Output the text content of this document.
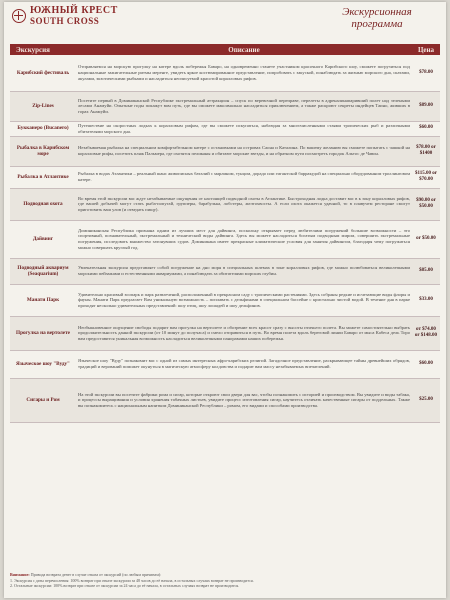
ЮЖНЫЙ КРЕСТ
SOUTH CROSS
Экскурсионная
программа
Экскурсия	Описание	Цена
Карибский фестиваль	Отправляемся на морскую прогулку на катере вдоль побережья Баваро, на одновременно станете участником красочного Карибского шоу, сможете погрузиться под национальные зажигательные ритмы меренге, увидеть яркое костюмированное представление, попробовать с закуской, понаблюдать за жизнью морского дна, скатами, акулами, экзотическими рыбками и насладиться неописуемой красотой коралловых рифов.	$78.00
Zip-Lines	Посетите первый в Доминиканской Республике экстремальный аттракцион – спуск по веревочной переправе, перелеты в адреналинапаривший полет над зелеными лесами Анамуйи. Опытные гиды покажут вам путь, где вы сможете максимально насладиться приключением, а также раскроют секреты индейцев Таино, живших в горах Анамуйи.	$89.00
Букканеро (Bucanero)	Путешествие на скоростных лодках к коралловым рифам, где вы сможете искупаться, наблюдая за многочисленными стаями тропических рыб и различными обитателями морского дна.	$60.00
Рыбалка в Карибском море	Незабываемая рыбалка на специальном комфортабельном катере с остановками на островах Саона и Каталина. По вашему желанию вы сможете попытать с чашкой на коралловые рифы, посетить пляж Пальмерa, где охотятся пеликаны и обитают морские звезды, и на обратном пути посмотреть городок Альтос де Чавон.	$78.00 or $1400
Рыбалка в Атлантике	Рыбалка в водах Атлантики – реальный шанс живописных баталий с марлином, тунцом, дорадо или гигантской барракудой на специально оборудованном троллинговом катере.	$115.00 or $70.00
Подводная охота	Во время этой экскурсии вас ждут незабываемые ощущения от настоящей подводной охоты в Атлантике. Быстроходная лодка доставит вас в к зону коралловых рифов, где вашей добычей могут стать рыба-попугай, групперы, барабулька, лобстеры, желтохвосты. А если охота окажется удачной, то в плавучем ресторане смогут приготовить ваш улов (и отведать пищу).	$90.00 or $50.00
Дайвинг	Доминиканская Республика признана одним из лучших мест для дайвинга, поскольку открывает перед любителями погружений большие возможности – это спортивный, познавательный, экстремальный и технический виды дайвинга. Здесь вы можете насладиться богатым подводным миром, совершить экстремальные погружения, исследовать множество затонувших судов. Доминикана имеет прекрасные климатические условия для занятия дайвингом, благодаря чему погружаться можно совершать круглый год.	or $50.00
Подводный аквариум (Seaquarium)	Увлекательная экскурсия представляет собой погружение на дно моря в специальных шлемах в зоне коралловых рифов, где можно полюбоваться великолепными морскими пейзажами и естественными аквариумами, а понаблюдать за обитателями морских глубин.	$85.00
Манати Парк	Удивительно красивый зоопарк и парк развлечений, расположенный в прекрасном саду с тропическими растениями. Здесь собраны редкие и исчезающие виды флоры и фауны. Манати Парк предлагает Вам уникальную возможность – поплавать с дельфинами в специальном бассейне с кристально чистой водой. В течение дня в парке проходят несколько удивительных представлений: шоу птиц, шоу лошадей и шоу дельфинов.	$33.00
Прогулка на вертолете	Необыкновенное ощущение свободы подарит вам прогулка на вертолете и обозрение всех красот сразу с высоты птичьего полета. Вы можете самостоятельно выбрать продолжительность данной экскурсии (от 10 минут до получаса) и смело отправиться в путь. Во время полета вдоль береговой линии Баваро от мыса Кабеса дель Торо вам предоставится уникальная возможность насладиться великолепными панорамами наших побережья.	от $74.00 or $148.00
Языческое шоу "Вуду"	Языческое шоу "Вуду" познакомит вас с одной из самых интересных афро-карибских религий. Загадочное представление, раскрывающее тайны древнейших обрядов, традиций и верований поможет окунуться в магическую атмосферу колдовства и подарит вам массу незабываемых впечатлений.	$60.00
Сигары и Ром	На этой экскурсии вы посетите фабрики рома и сигар, которые откроют свои двери для вас, чтобы познакомить с историей и производством. Вы увидите и виды табака, и процессы выращивания и условия хранения табачных листьев, увидите процесс изготовления сигар, научитесь отличать качественные сигары от поддельных. Также вы познакомитесь с национальным напитком Доминиканской Республики – ромом, его видами и способами производства.	$25.00
Внимание: Привода возврата денег в случае отказа от экскурсий (по любым причинам):
1. Экскурсия с даты перечисления: 100% возврат при отказе экскурсии за 48 часов до её начала, в остальных случаях возврат не производится.
2. Остальные экскурсии: 100% возврат при отказе от экскурсии за 24 часа до её начала, в остальных случаях возврат не производится.
